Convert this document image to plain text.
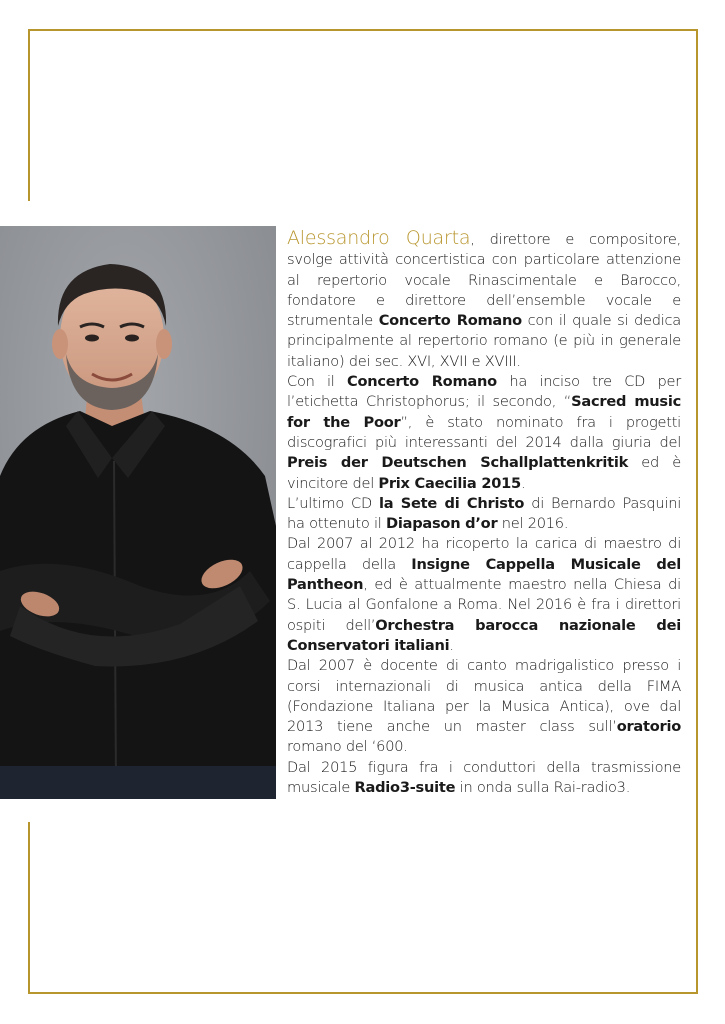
Alessandro Quarta, direttore e compositore, svolge attività concertistica con particolare attenzione al repertorio vocale Rinascimentale e Barocco, fondatore e direttore dell’ensemble vocale e strumentale Concerto Romano con il quale si dedica principalmente al repertorio romano (e più in generale italiano) dei sec. XVI, XVII e XVIII.

Con il Concerto Romano ha inciso tre CD per l’etichetta Christophorus; il secondo, “Sacred music for the Poor”, è stato nominato fra i progetti discografici più interessanti del 2014 dalla giuria del Preis der Deutschen Schallplattenkritik ed è vincitore del Prix Caecilia 2015.

L’ultimo CD la Sete di Christo di Bernardo Pasquini ha ottenuto il Diapason d’or nel 2016.

Dal 2007 al 2012 ha ricoperto la carica di maestro di cappella della Insigne Cappella Musicale del Pantheon, ed è attualmente maestro nella Chiesa di S. Lucia al Gonfalone a Roma. Nel 2016 è fra i direttori ospiti dell’Orchestra barocca nazionale dei Conservatori italiani.

Dal 2007 è docente di canto madrigalistico presso i corsi internazionali di musica antica della FIMA (Fondazione Italiana per la Musica Antica), ove dal 2013 tiene anche un master class sull’oratorio romano del ‘600.

Dal 2015 figura fra i conduttori della trasmissione musicale Radio3-suite in onda sulla Rai-radio3.
